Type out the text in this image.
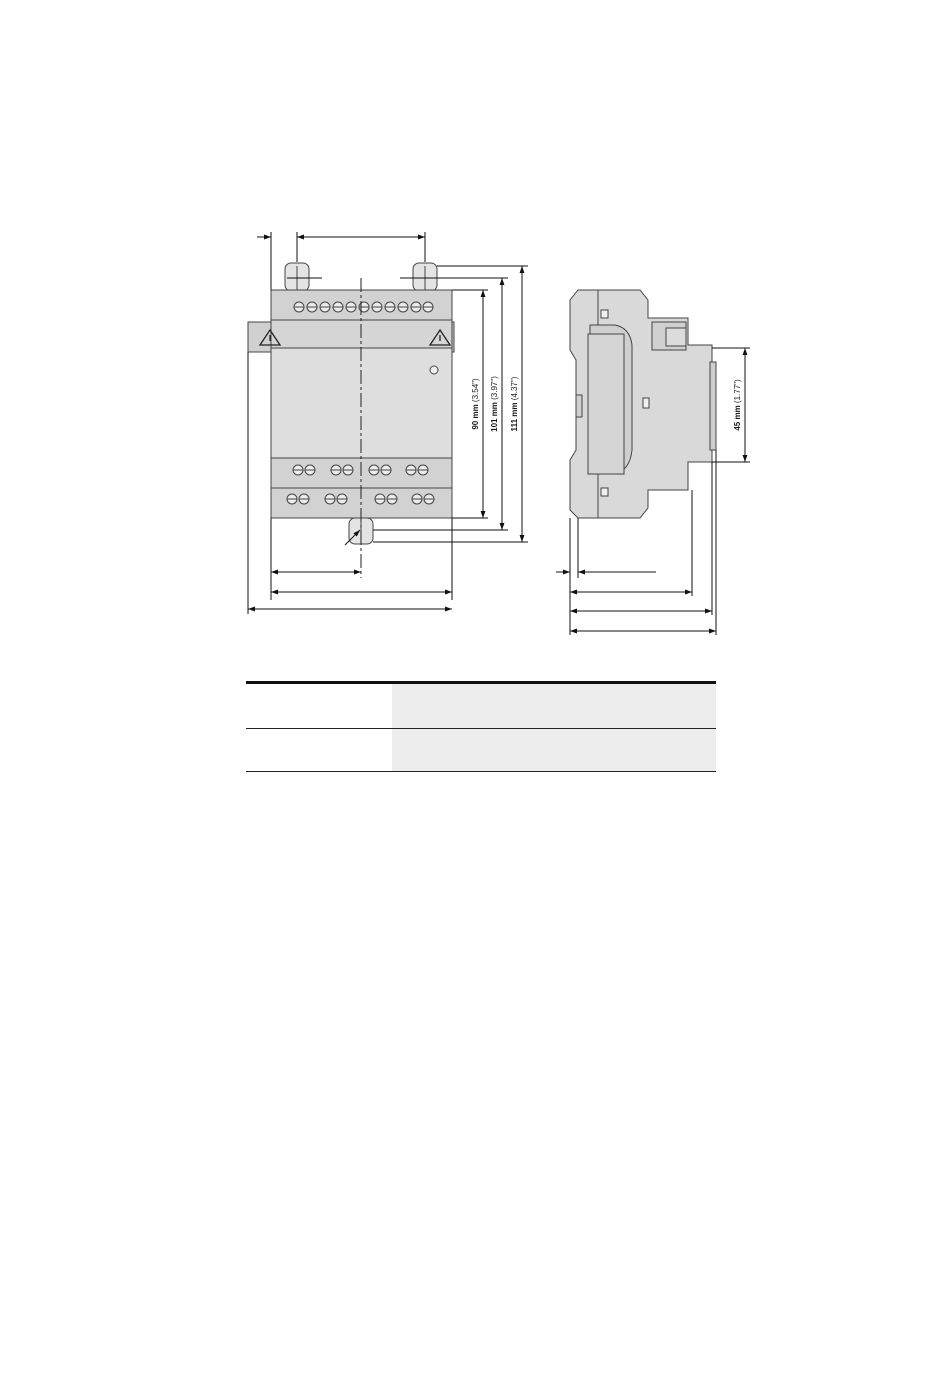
90 mm (3.54")
101 mm (3.97")
111 mm (4.37")
45 mm (1.77")
